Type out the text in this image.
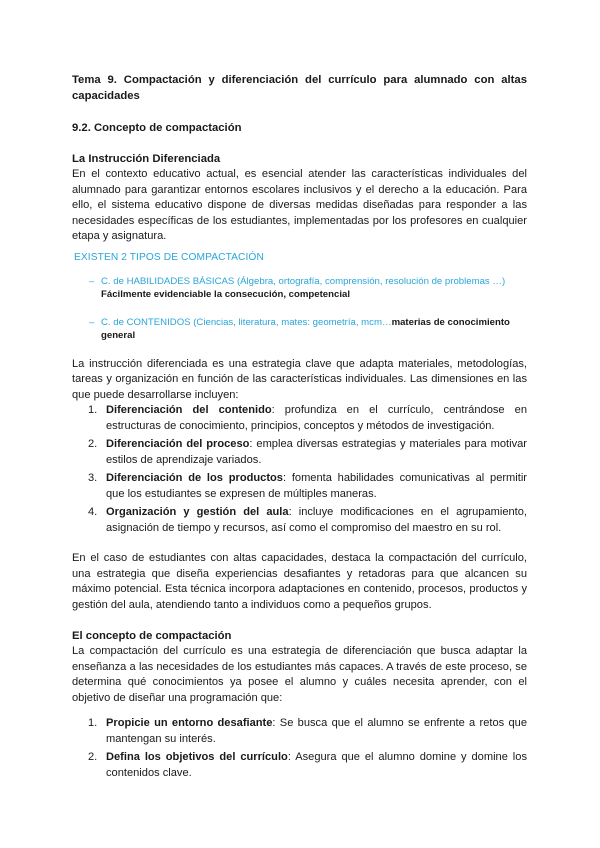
Tema 9. Compactación y diferenciación del currículo para alumnado con altas
capacidades

9.2. Concepto de compactación

La Instrucción Diferenciada

En el contexto educativo actual, es esencial atender las características individuales del alumnado para garantizar entornos escolares inclusivos y el derecho a la educación. Para ello, el sistema educativo dispone de diversas medidas diseñadas para responder a las necesidades específicas de los estudiantes, implementadas por los profesores en cualquier etapa y asignatura.

EXISTEN 2 TIPOS DE COMPACTACIÓN

– C. de HABILIDADES BÁSICAS (Álgebra, ortografía, comprensión, resolución de problemas …) Fácilmente evidenciable la consecución, competencial
– C. de CONTENIDOS (Ciencias, literatura, mates: geometría, mcm…materias de conocimiento general

La instrucción diferenciada es una estrategia clave que adapta materiales, metodologías, tareas y organización en función de las características individuales. Las dimensiones en las que puede desarrollarse incluyen:

1. Diferenciación del contenido: profundiza en el currículo, centrándose en estructuras de conocimiento, principios, conceptos y métodos de investigación.
2. Diferenciación del proceso: emplea diversas estrategias y materiales para motivar estilos de aprendizaje variados.
3. Diferenciación de los productos: fomenta habilidades comunicativas al permitir que los estudiantes se expresen de múltiples maneras.
4. Organización y gestión del aula: incluye modificaciones en el agrupamiento, asignación de tiempo y recursos, así como el compromiso del maestro en su rol.

En el caso de estudiantes con altas capacidades, destaca la compactación del currículo, una estrategia que diseña experiencias desafiantes y retadoras para que alcancen su máximo potencial. Esta técnica incorpora adaptaciones en contenido, procesos, productos y gestión del aula, atendiendo tanto a individuos como a pequeños grupos.

El concepto de compactación

La compactación del currículo es una estrategia de diferenciación que busca adaptar la enseñanza a las necesidades de los estudiantes más capaces. A través de este proceso, se determina qué conocimientos ya posee el alumno y cuáles necesita aprender, con el objetivo de diseñar una programación que:

1. Propicie un entorno desafiante: Se busca que el alumno se enfrente a retos que mantengan su interés.
2. Defina los objetivos del currículo: Asegura que el alumno domine y domine los contenidos clave.
